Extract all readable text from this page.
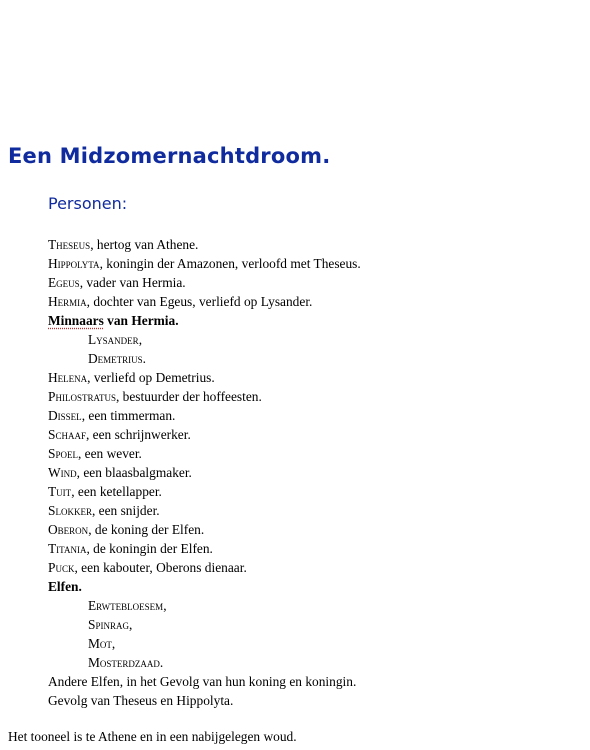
Een Midzomernachtdroom.
Personen:
Theseus, hertog van Athene.
Hippolyta, koningin der Amazonen, verloofd met Theseus.
Egeus, vader van Hermia.
Hermia, dochter van Egeus, verliefd op Lysander.
Minnaars van Hermia.
Lysander,
Demetrius.
Helena, verliefd op Demetrius.
Philostratus, bestuurder der hoffeesten.
Dissel, een timmerman.
Schaaf, een schrijnwerker.
Spoel, een wever.
Wind, een blaasbalgmaker.
Tuit, een ketellapper.
Slokker, een snijder.
Oberon, de koning der Elfen.
Titania, de koningin der Elfen.
Puck, een kabouter, Oberons dienaar.
Elfen.
Erwtebloesem,
Spinrag,
Mot,
Mosterdzaad.
Andere Elfen, in het Gevolg van hun koning en koningin.
Gevolg van Theseus en Hippolyta.

Het tooneel is te Athene en in een nabijgelegen woud.
